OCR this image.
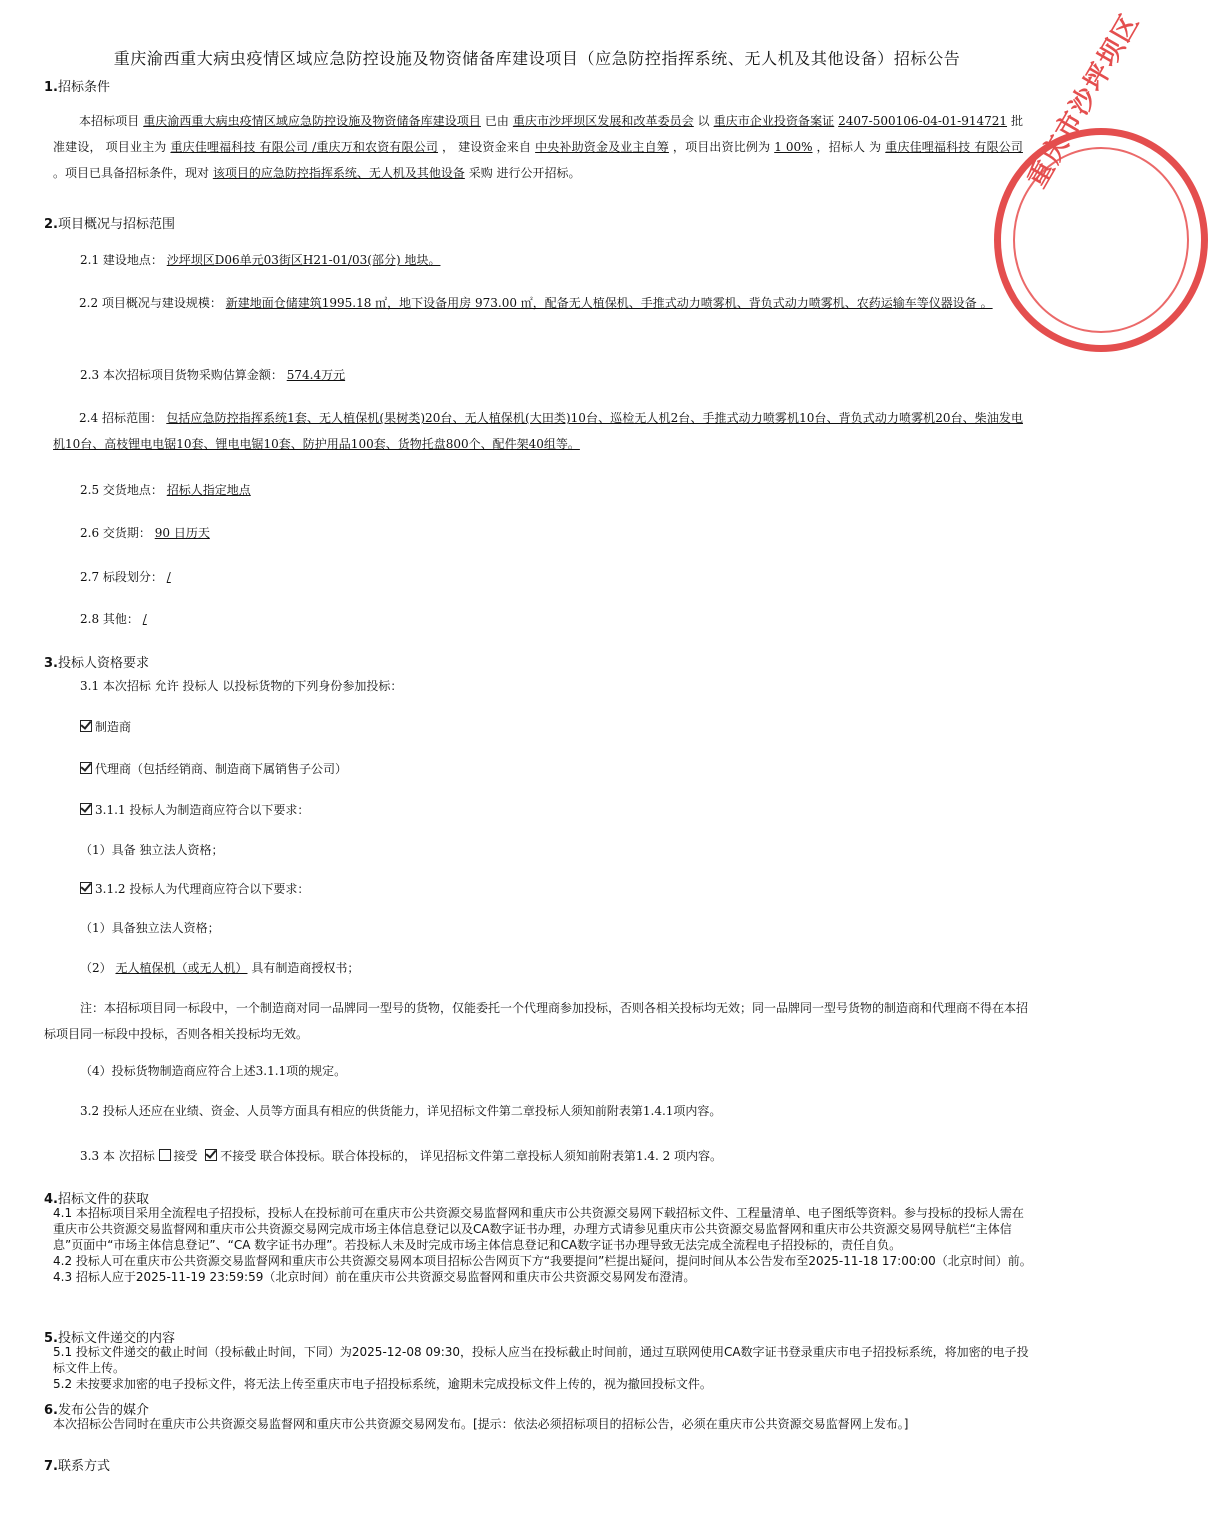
重庆市沙坪坝区
重庆渝西重大病虫疫情区域应急防控设施及物资储备库建设项目（应急防控指挥系统、无人机及其他设备）招标公告
1.招标条件
本招标项目 重庆渝西重大病虫疫情区域应急防控设施及物资储备库建设项目 已由 重庆市沙坪坝区发展和改革委员会 以 重庆市企业投资备案证 2407-500106-04-01-914721 批准建设， 项目业主为 重庆佳哩福科技 有限公司 /重庆万和农资有限公司 ， 建设资金来自 中央补助资金及业主自筹 ，项目出资比例为 1 00% ，招标人 为 重庆佳哩福科技 有限公司 。项目已具备招标条件，现对 该项目的应急防控指挥系统、无人机及其他设备 采购 进行公开招标。
2.项目概况与招标范围
2.1 建设地点： 沙坪坝区D06单元03街区H21-01/03(部分) 地块。
2.2 项目概况与建设规模： 新建地面仓储建筑1995.18 ㎡，地下设备用房 973.00 ㎡，配备无人植保机、手推式动力喷雾机、背负式动力喷雾机、农药运输车等仪器设备 。
2.3 本次招标项目货物采购估算金额： 574.4万元
2.4 招标范围： 包括应急防控指挥系统1套、无人植保机(果树类)20台、无人植保机(大田类)10台、巡检无人机2台、手推式动力喷雾机10台、背负式动力喷雾机20台、柴油发电机10台、高枝锂电电锯10套、锂电电锯10套、防护用品100套、货物托盘800个、配件架40组等。
2.5 交货地点： 招标人指定地点
2.6 交货期： 90 日历天
2.7 标段划分： /
2.8 其他： /
3.投标人资格要求
3.1 本次招标 允许 投标人 以投标货物的下列身份参加投标：
制造商
代理商（包括经销商、制造商下属销售子公司）
3.1.1 投标人为制造商应符合以下要求：
（1）具备 独立法人资格；
3.1.2 投标人为代理商应符合以下要求：
（1）具备独立法人资格；
（2） 无人植保机（或无人机） 具有制造商授权书；
注：本招标项目同一标段中，一个制造商对同一品牌同一型号的货物，仅能委托一个代理商参加投标，否则各相关投标均无效；同一品牌同一型号货物的制造商和代理商不得在本招标项目同一标段中投标，否则各相关投标均无效。
（4）投标货物制造商应符合上述3.1.1项的规定。
3.2 投标人还应在业绩、资金、人员等方面具有相应的供货能力，详见招标文件第二章投标人须知前附表第1.4.1项内容。
3.3 本 次招标 接受 不接受 联合体投标。联合体投标的， 详见招标文件第二章投标人须知前附表第1.4. 2 项内容。
4.招标文件的获取
4.1 本招标项目采用全流程电子招投标，投标人在投标前可在重庆市公共资源交易监督网和重庆市公共资源交易网下载招标文件、工程量清单、电子图纸等资料。参与投标的投标人需在重庆市公共资源交易监督网和重庆市公共资源交易网完成市场主体信息登记以及CA数字证书办理，办理方式请参见重庆市公共资源交易监督网和重庆市公共资源交易网导航栏“主体信息”页面中“市场主体信息登记”、“CA 数字证书办理”。若投标人未及时完成市场主体信息登记和CA数字证书办理导致无法完成全流程电子招投标的，责任自负。
4.2 投标人可在重庆市公共资源交易监督网和重庆市公共资源交易网本项目招标公告网页下方“我要提问”栏提出疑问，提问时间从本公告发布至2025-11-18 17:00:00（北京时间）前。
4.3 招标人应于2025-11-19 23:59:59（北京时间）前在重庆市公共资源交易监督网和重庆市公共资源交易网发布澄清。
5.投标文件递交的内容
5.1 投标文件递交的截止时间（投标截止时间，下同）为2025-12-08 09:30，投标人应当在投标截止时间前，通过互联网使用CA数字证书登录重庆市电子招投标系统，将加密的电子投标文件上传。
5.2 未按要求加密的电子投标文件，将无法上传至重庆市电子招投标系统，逾期未完成投标文件上传的，视为撤回投标文件。
6.发布公告的媒介
本次招标公告同时在重庆市公共资源交易监督网和重庆市公共资源交易网发布。[提示：依法必须招标项目的招标公告，必须在重庆市公共资源交易监督网上发布。]
7.联系方式
